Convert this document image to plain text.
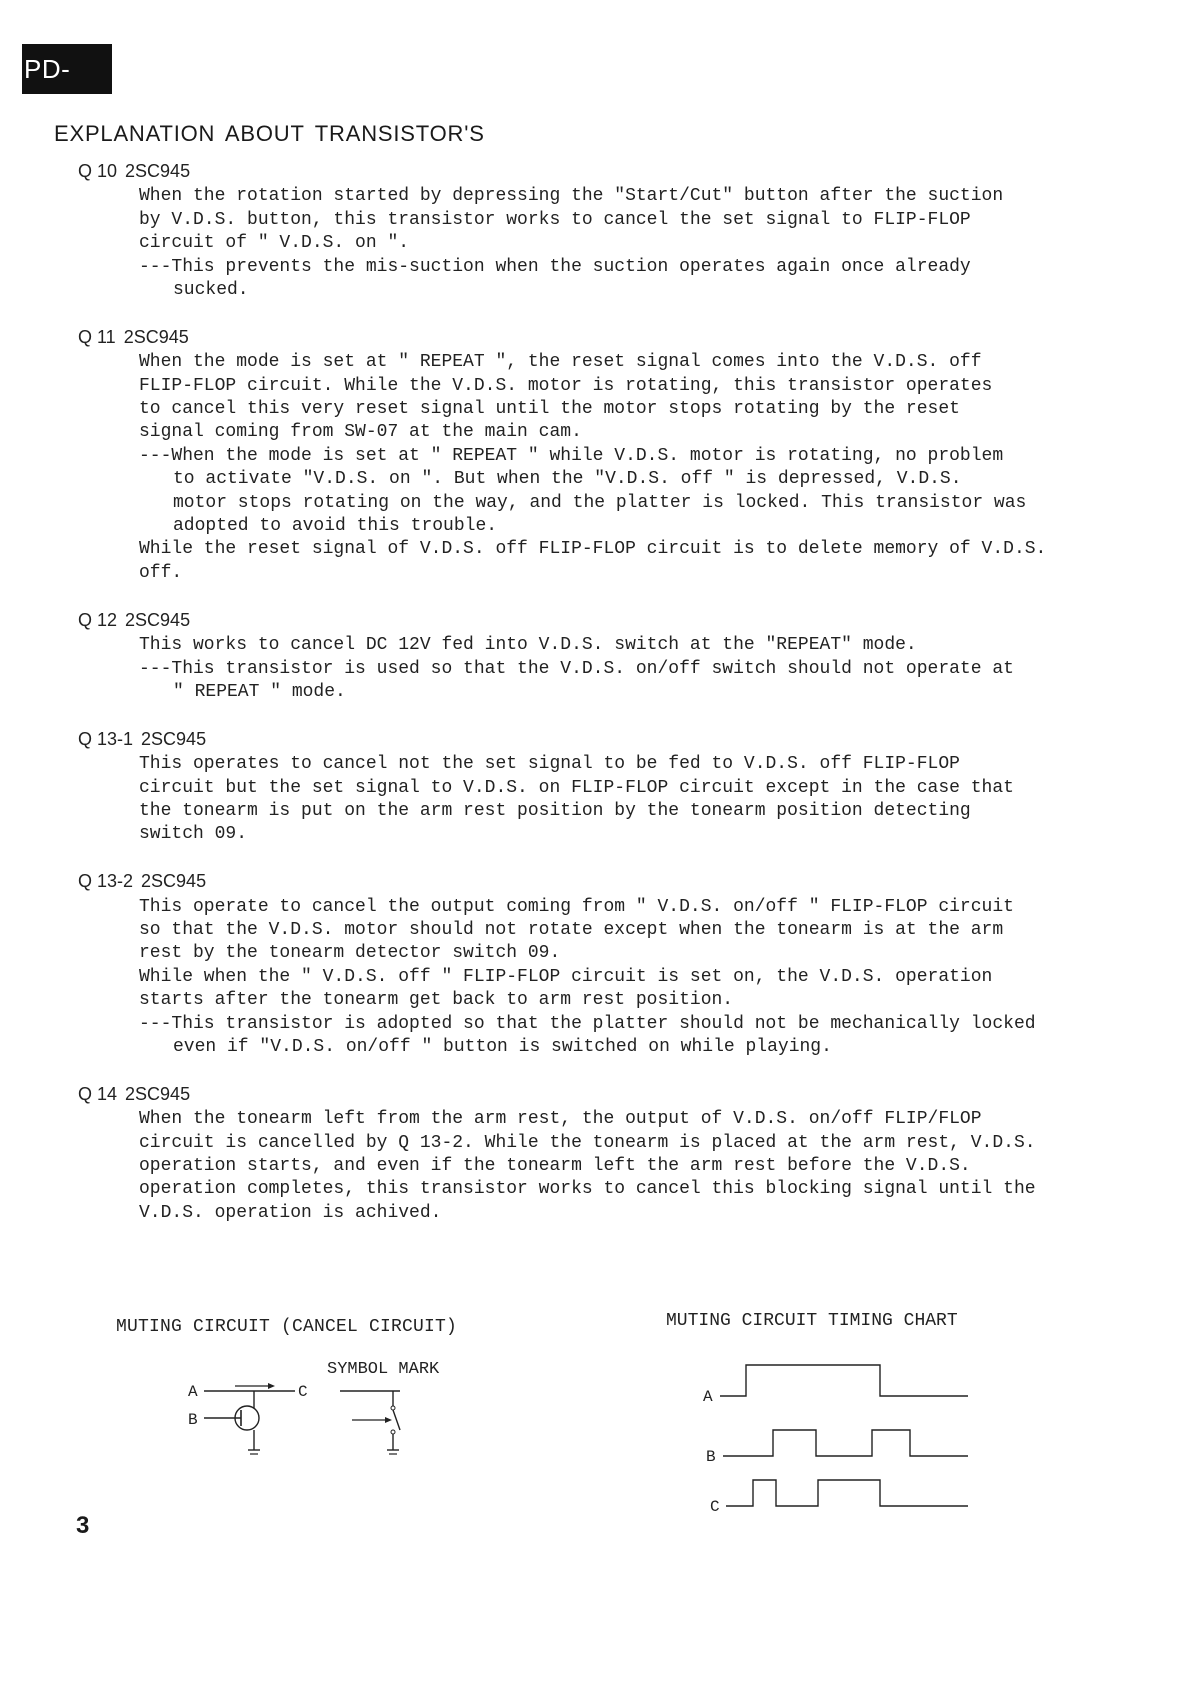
PD-375
EXPLANATION ABOUT TRANSISTOR'S
Q 10 2SC945
When the rotation started by depressing the "Start/Cut" button after the suction
by V.D.S. button, this transistor works to cancel the set signal to FLIP-FLOP
circuit of " V.D.S. on ".
---This prevents the mis-suction when the suction operates again once already
sucked.
Q 11 2SC945
When the mode is set at " REPEAT ", the reset signal comes into the V.D.S. off
FLIP-FLOP circuit. While the V.D.S. motor is rotating, this transistor operates
to cancel this very reset signal until the motor stops rotating by the reset
signal coming from SW-07 at the main cam.
---When the mode is set at " REPEAT " while V.D.S. motor is rotating, no problem
to activate "V.D.S. on ". But when the "V.D.S. off " is depressed, V.D.S.
motor stops rotating on the way, and the platter is locked. This transistor was
adopted to avoid this trouble.
While the reset signal of V.D.S. off FLIP-FLOP circuit is to delete memory of V.D.S.
off.
Q 12 2SC945
This works to cancel DC 12V fed into V.D.S. switch at the "REPEAT" mode.
---This transistor is used so that the V.D.S. on/off switch should not operate at
" REPEAT " mode.
Q 13-1 2SC945
This operates to cancel not the set signal to be fed to V.D.S. off FLIP-FLOP
circuit but the set signal to V.D.S. on FLIP-FLOP circuit except in the case that
the tonearm is put on the arm rest position by the tonearm position detecting
switch 09.
Q 13-2 2SC945
This operate to cancel the output coming from " V.D.S. on/off " FLIP-FLOP circuit
so that the V.D.S. motor should not rotate except when the tonearm is at the arm
rest by the tonearm detector switch 09.
While when the " V.D.S. off " FLIP-FLOP circuit is set on, the V.D.S. operation
starts after the tonearm get back to arm rest position.
---This transistor is adopted so that the platter should not be mechanically locked
even if "V.D.S. on/off " button is switched on while playing.
Q 14 2SC945
When the tonearm left from the arm rest, the output of V.D.S. on/off FLIP/FLOP
circuit is cancelled by Q 13-2. While the tonearm is placed at the arm rest, V.D.S.
operation starts, and even if the tonearm left the arm rest before the V.D.S.
operation completes, this transistor works to cancel this blocking signal until the
V.D.S. operation is achived.
MUTING CIRCUIT (CANCEL CIRCUIT)
SYMBOL MARK
A
B
C
MUTING CIRCUIT TIMING CHART
A
B
C
3
